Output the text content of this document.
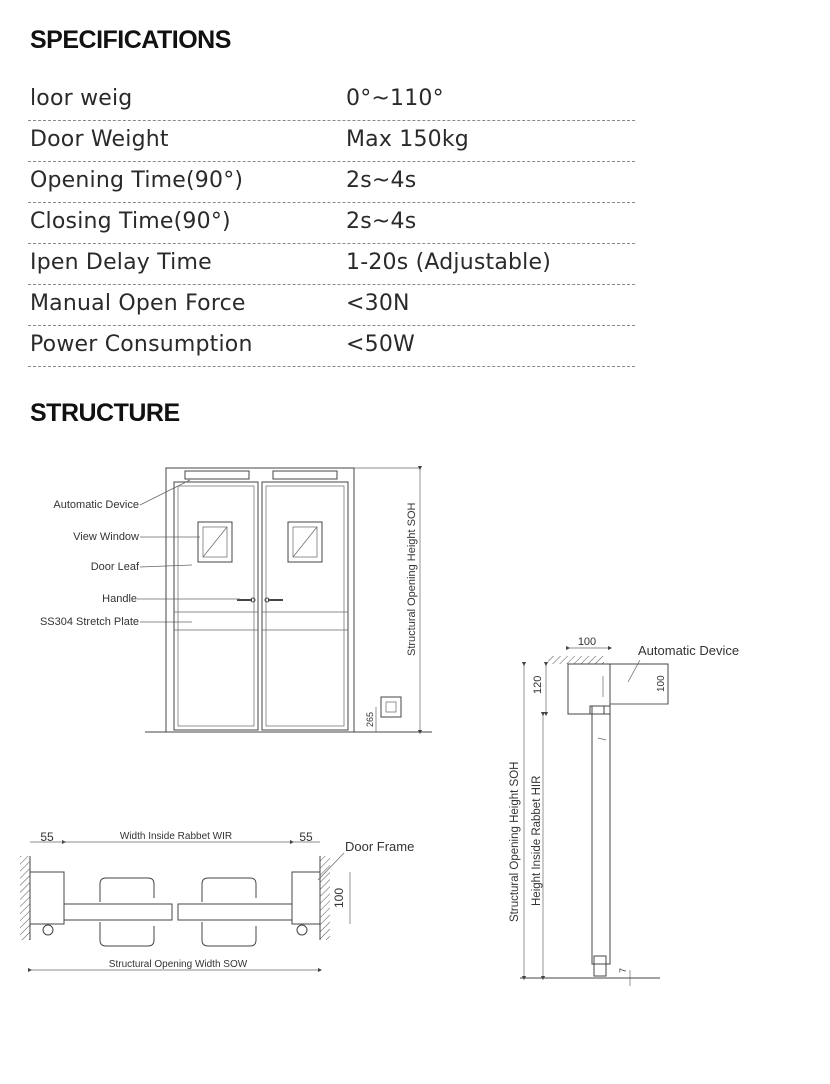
SPECIFICATIONS
loor weig	0°~110°
Door Weight	Max 150kg
Opening Time(90°)	2s~4s
Closing Time(90°)	2s~4s
Ipen Delay Time	1-20s (Adjustable)
Manual Open Force	<30N
Power Consumption	<50W
STRUCTURE
Automatic Device
View Window
Door Leaf
Handle
SS304 Stretch Plate	Structural Opening Height SOH
265
Width Inside Rabbet WIR
55	55
Structural Opening Width SOW
100
Door Frame
100
100
Automatic Device
120
7
Structural Opening Height SOH Height Inside Rabbet HIR
